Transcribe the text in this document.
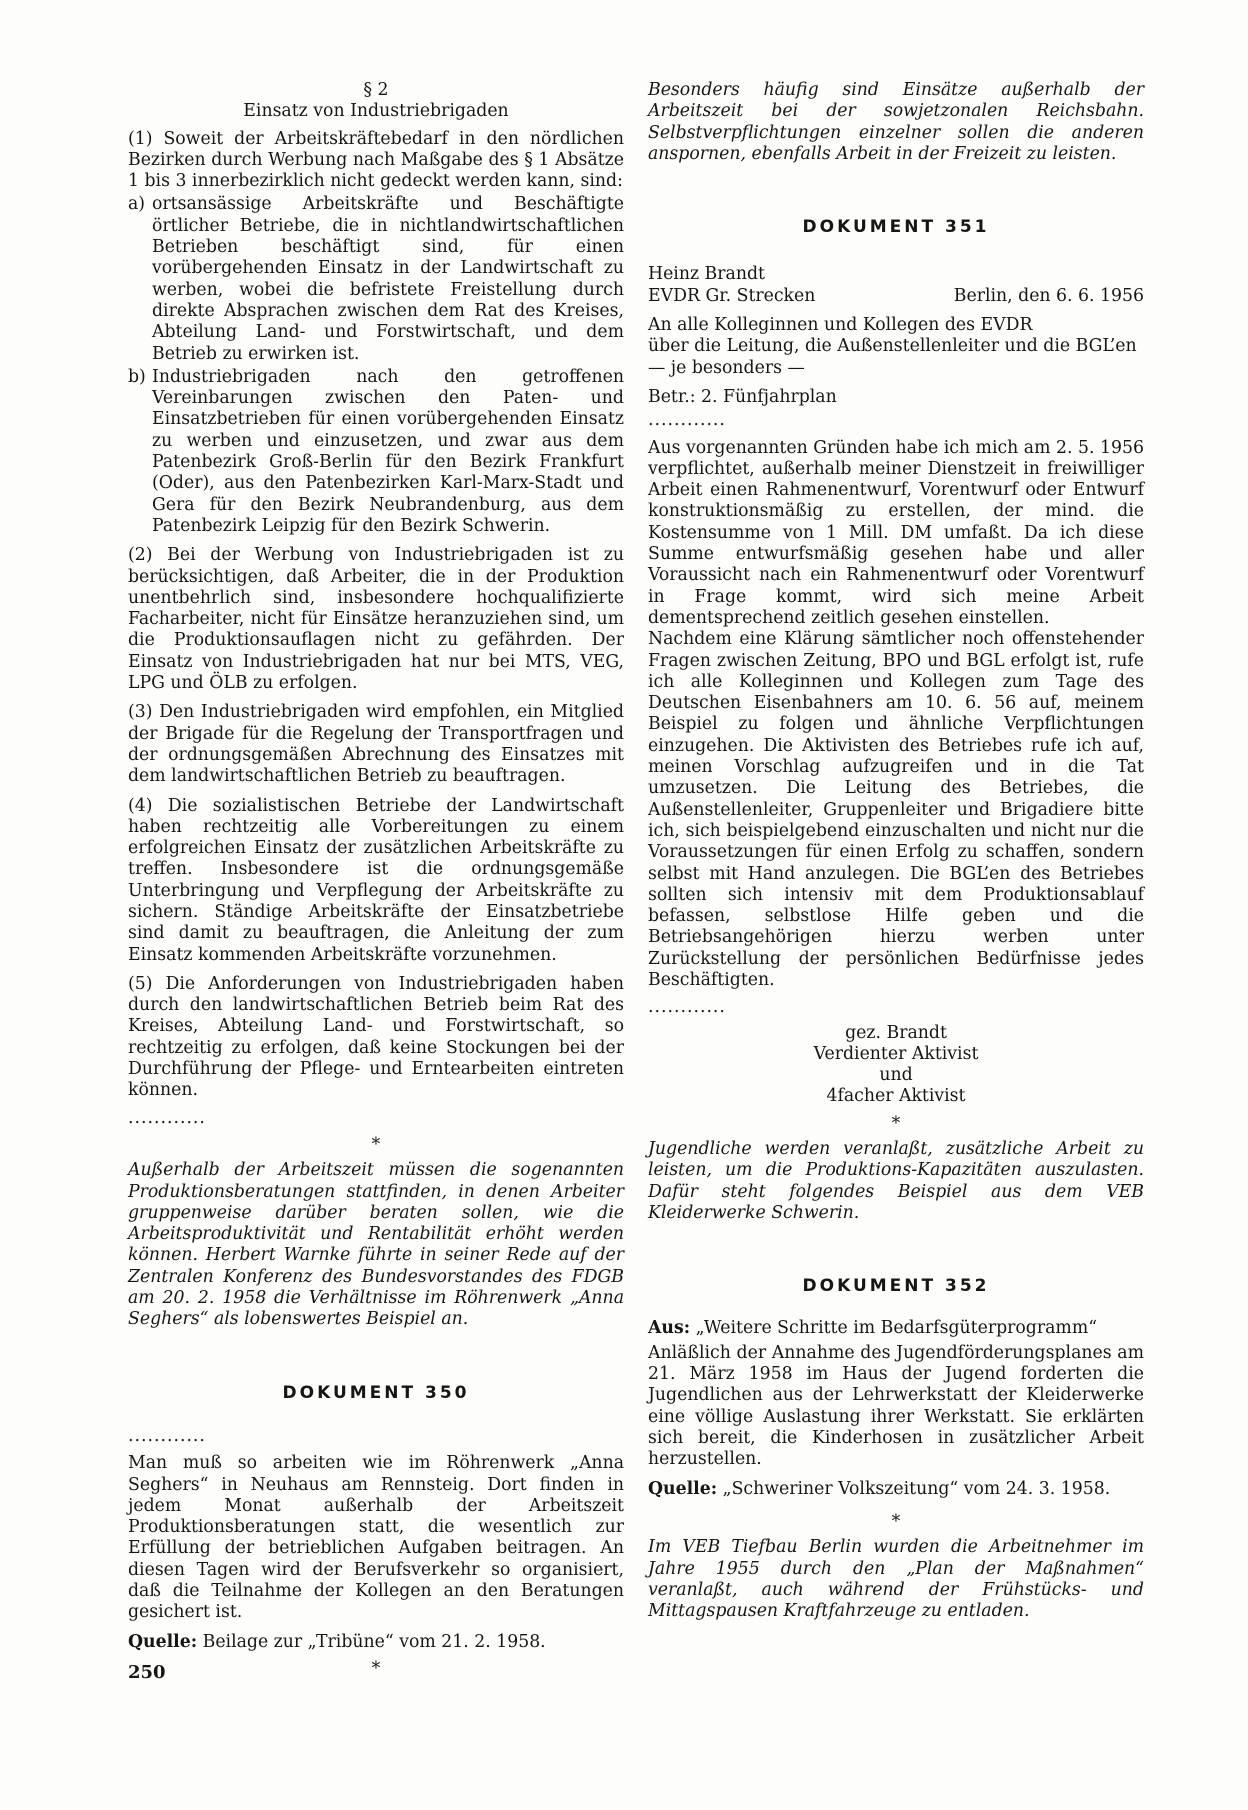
§ 2

Einsatz von Industriebrigaden

(1) Soweit der Arbeitskräftebedarf in den nördlichen Bezirken durch Werbung nach Maßgabe des § 1 Absätze 1 bis 3 innerbezirklich nicht gedeckt werden kann, sind:

a) ortsansässige Arbeitskräfte und Beschäftigte örtlicher Betriebe, die in nichtlandwirtschaftlichen Betrieben beschäftigt sind, für einen vorübergehenden Einsatz in der Landwirtschaft zu werben, wobei die befristete Freistellung durch direkte Absprachen zwischen dem Rat des Kreises, Abteilung Land- und Forstwirtschaft, und dem Betrieb zu erwirken ist.
b) Industriebrigaden nach den getroffenen Vereinbarungen zwischen den Paten- und Einsatzbetrieben für einen vorübergehenden Einsatz zu werben und einzusetzen, und zwar aus dem Patenbezirk Groß-Berlin für den Bezirk Frankfurt (Oder), aus den Patenbezirken Karl-Marx-Stadt und Gera für den Bezirk Neubrandenburg, aus dem Patenbezirk Leipzig für den Bezirk Schwerin.

(2) Bei der Werbung von Industriebrigaden ist zu berücksichtigen, daß Arbeiter, die in der Produktion unentbehrlich sind, insbesondere hochqualifizierte Facharbeiter, nicht für Einsätze heranzuziehen sind, um die Produktionsauflagen nicht zu gefährden. Der Einsatz von Industriebrigaden hat nur bei MTS, VEG, LPG und ÖLB zu erfolgen.

(3) Den Industriebrigaden wird empfohlen, ein Mitglied der Brigade für die Regelung der Transportfragen und der ordnungsgemäßen Abrechnung des Einsatzes mit dem landwirtschaftlichen Betrieb zu beauftragen.

(4) Die sozialistischen Betriebe der Landwirtschaft haben rechtzeitig alle Vorbereitungen zu einem erfolgreichen Einsatz der zusätzlichen Arbeitskräfte zu treffen. Insbesondere ist die ordnungsgemäße Unterbringung und Verpflegung der Arbeitskräfte zu sichern. Ständige Arbeitskräfte der Einsatzbetriebe sind damit zu beauftragen, die Anleitung der zum Einsatz kommenden Arbeitskräfte vorzunehmen.

(5) Die Anforderungen von Industriebrigaden haben durch den landwirtschaftlichen Betrieb beim Rat des Kreises, Abteilung Land- und Forstwirtschaft, so rechtzeitig zu erfolgen, daß keine Stockungen bei der Durchführung der Pflege- und Erntearbeiten eintreten können.

............

*

Außerhalb der Arbeitszeit müssen die sogenannten Produktionsberatungen stattfinden, in denen Arbeiter gruppenweise darüber beraten sollen, wie die Arbeitsproduktivität und Rentabilität erhöht werden können. Herbert Warnke führte in seiner Rede auf der Zentralen Konferenz des Bundesvorstandes des FDGB am 20. 2. 1958 die Verhältnisse im Röhrenwerk „Anna Seghers“ als lobenswertes Beispiel an.

DOKUMENT 350

............

Man muß so arbeiten wie im Röhrenwerk „Anna Seghers“ in Neuhaus am Rennsteig. Dort finden in jedem Monat außerhalb der Arbeitszeit Produktionsberatungen statt, die wesentlich zur Erfüllung der betrieblichen Aufgaben beitragen. An diesen Tagen wird der Berufsverkehr so organisiert, daß die Teilnahme der Kollegen an den Beratungen gesichert ist.

Quelle: Beilage zur „Tribüne“ vom 21. 2. 1958.

*

Besonders häufig sind Einsätze außerhalb der Arbeitszeit bei der sowjetzonalen Reichsbahn. Selbstverpflichtungen einzelner sollen die anderen anspornen, ebenfalls Arbeit in der Freizeit zu leisten.

DOKUMENT 351

Heinz Brandt

EVDR Gr. Strecken	Berlin, den 6. 6. 1956

An alle Kolleginnen und Kollegen des EVDR

über die Leitung, die Außenstellenleiter und die BGL’en

— je besonders —

Betr.: 2. Fünfjahrplan

............

Aus vorgenannten Gründen habe ich mich am 2. 5. 1956 verpflichtet, außerhalb meiner Dienstzeit in freiwilliger Arbeit einen Rahmenentwurf, Vorentwurf oder Entwurf konstruktionsmäßig zu erstellen, der mind. die Kostensumme von 1 Mill. DM umfaßt. Da ich diese Summe entwurfsmäßig gesehen habe und aller Voraussicht nach ein Rahmenentwurf oder Vorentwurf in Frage kommt, wird sich meine Arbeit dementsprechend zeitlich gesehen einstellen.

Nachdem eine Klärung sämtlicher noch offenstehender Fragen zwischen Zeitung, BPO und BGL erfolgt ist, rufe ich alle Kolleginnen und Kollegen zum Tage des Deutschen Eisenbahners am 10. 6. 56 auf, meinem Beispiel zu folgen und ähnliche Verpflichtungen einzugehen. Die Aktivisten des Betriebes rufe ich auf, meinen Vorschlag aufzugreifen und in die Tat umzusetzen. Die Leitung des Betriebes, die Außenstellenleiter, Gruppenleiter und Brigadiere bitte ich, sich beispielgebend einzuschalten und nicht nur die Voraussetzungen für einen Erfolg zu schaffen, sondern selbst mit Hand anzulegen. Die BGL’en des Betriebes sollten sich intensiv mit dem Produktionsablauf befassen, selbstlose Hilfe geben und die Betriebsangehörigen hierzu werben unter Zurückstellung der persönlichen Bedürfnisse jedes Beschäftigten.

............

gez. Brandt

Verdienter Aktivist

und

4facher Aktivist

*

Jugendliche werden veranlaßt, zusätzliche Arbeit zu leisten, um die Produktions-Kapazitäten auszulasten. Dafür steht folgendes Beispiel aus dem VEB Kleiderwerke Schwerin.

DOKUMENT 352

Aus: „Weitere Schritte im Bedarfsgüterprogramm“

Anläßlich der Annahme des Jugendförderungsplanes am 21. März 1958 im Haus der Jugend forderten die Jugendlichen aus der Lehrwerkstatt der Kleiderwerke eine völlige Auslastung ihrer Werkstatt. Sie erklärten sich bereit, die Kinderhosen in zusätzlicher Arbeit herzustellen.

Quelle: „Schweriner Volkszeitung“ vom 24. 3. 1958.

*

Im VEB Tiefbau Berlin wurden die Arbeitnehmer im Jahre 1955 durch den „Plan der Maßnahmen“ veranlaßt, auch während der Frühstücks- und Mittagspausen Kraftfahrzeuge zu entladen.

250
